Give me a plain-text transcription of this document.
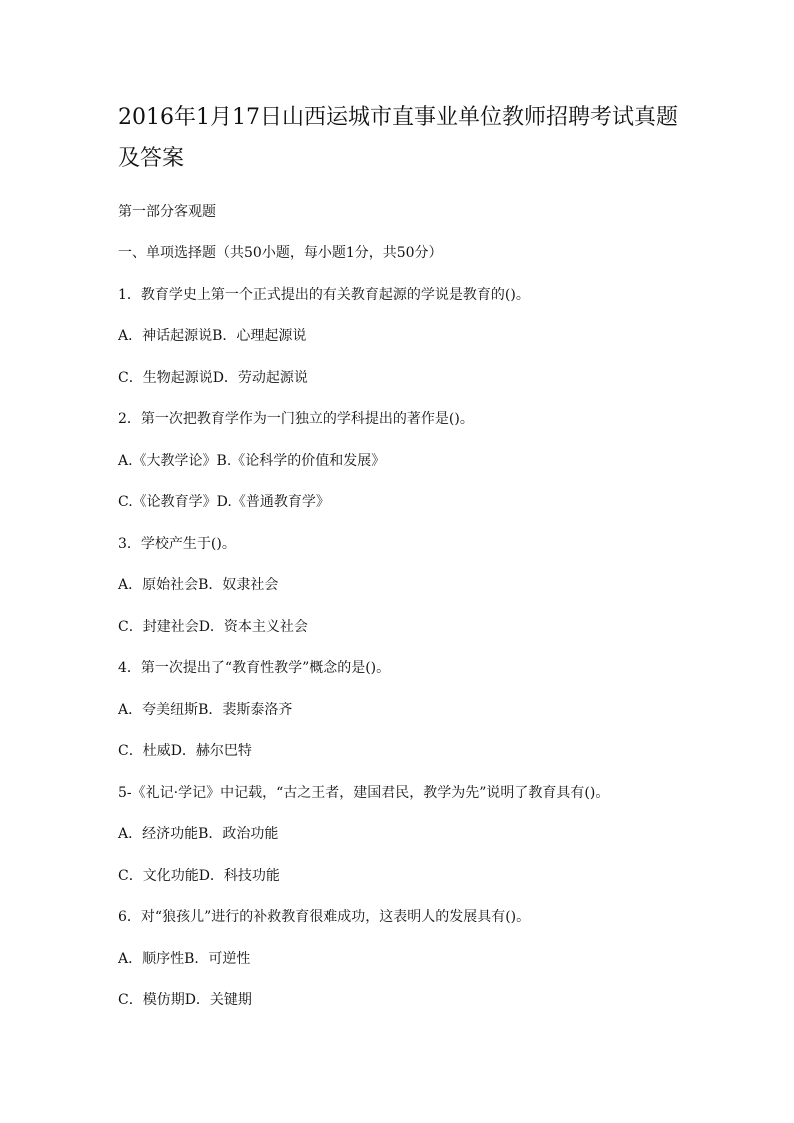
2016年1月17日山西运城市直事业单位教师招聘考试真题
及答案

第一部分客观题

一、单项选择题（共50小题，每小题1分，共50分）

1．教育学史上第一个正式提出的有关教育起源的学说是教育的()。

A．神话起源说B．心理起源说

C．生物起源说D．劳动起源说

2．第一次把教育学作为一门独立的学科提出的著作是()。

A.《大教学论》B.《论科学的价值和发展》

C.《论教育学》D.《普通教育学》

3．学校产生于()。

A．原始社会B．奴隶社会

C．封建社会D．资本主义社会

4．第一次提出了“教育性教学”概念的是()。

A．夸美纽斯B．裴斯泰洛齐

C．杜威D．赫尔巴特

5-《礼记·学记》中记载，“古之王者，建国君民，教学为先”说明了教育具有()。

A．经济功能B．政治功能

C．文化功能D．科技功能

6．对“狼孩儿”进行的补救教育很难成功，这表明人的发展具有()。

A．顺序性B．可逆性

C．模仿期D．关键期
